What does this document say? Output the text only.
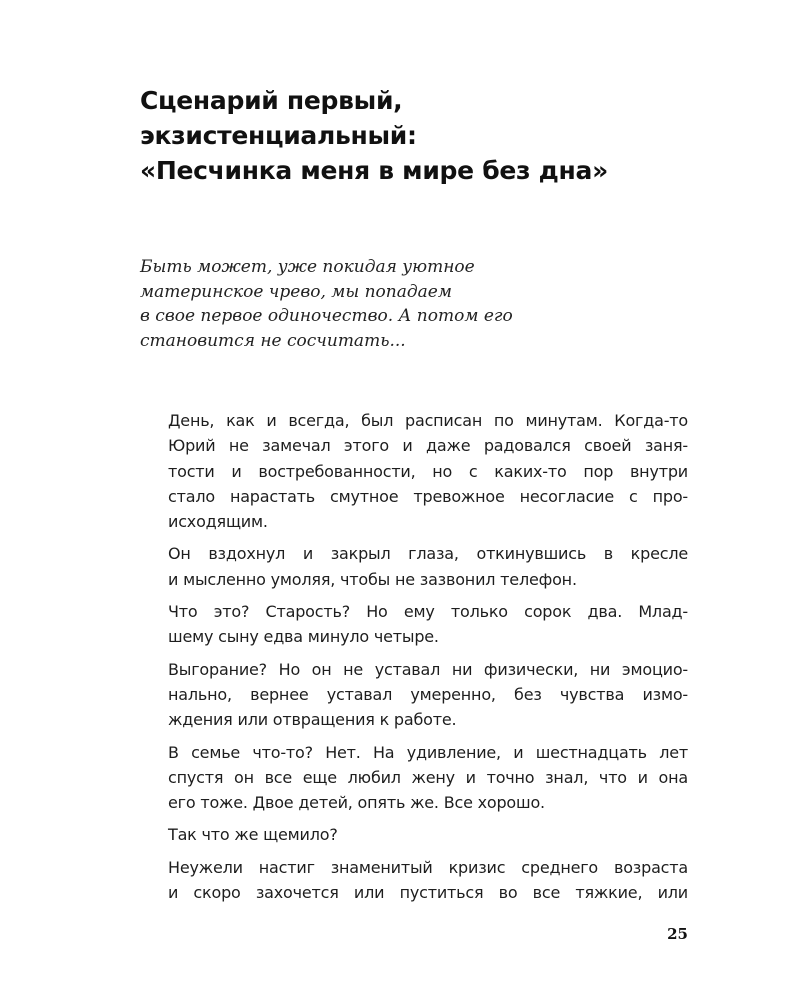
Сценарий первый,
экзистенциальный:
«Песчинка меня в мире без дна»
Быть может, уже покидая уютное
материнское чрево, мы попадаем
в свое первое одиночество. А потом его
становится не сосчитать...

День, как и всегда, был расписан по минутам. Когда-то
Юрий не замечал этого и даже радовался своей заня-
тости и востребованности, но с каких-то пор внутри
стало нарастать смутное тревожное несогласие с про-
исходящим.

Он вздохнул и закрыл глаза, откинувшись в кресле
и мысленно умоляя, чтобы не зазвонил телефон.

Что это? Старость? Но ему только сорок два. Млад-
шему сыну едва минуло четыре.

Выгорание? Но он не уставал ни физически, ни эмоцио-
нально, вернее уставал умеренно, без чувства измо-
ждения или отвращения к работе.

В семье что-то? Нет. На удивление, и шестнадцать лет
спустя он все еще любил жену и точно знал, что и она
его тоже. Двое детей, опять же. Все хорошо.

Так что же щемило?

Неужели настиг знаменитый кризис среднего возраста
и скоро захочется или пуститься во все тяжкие, или

25
